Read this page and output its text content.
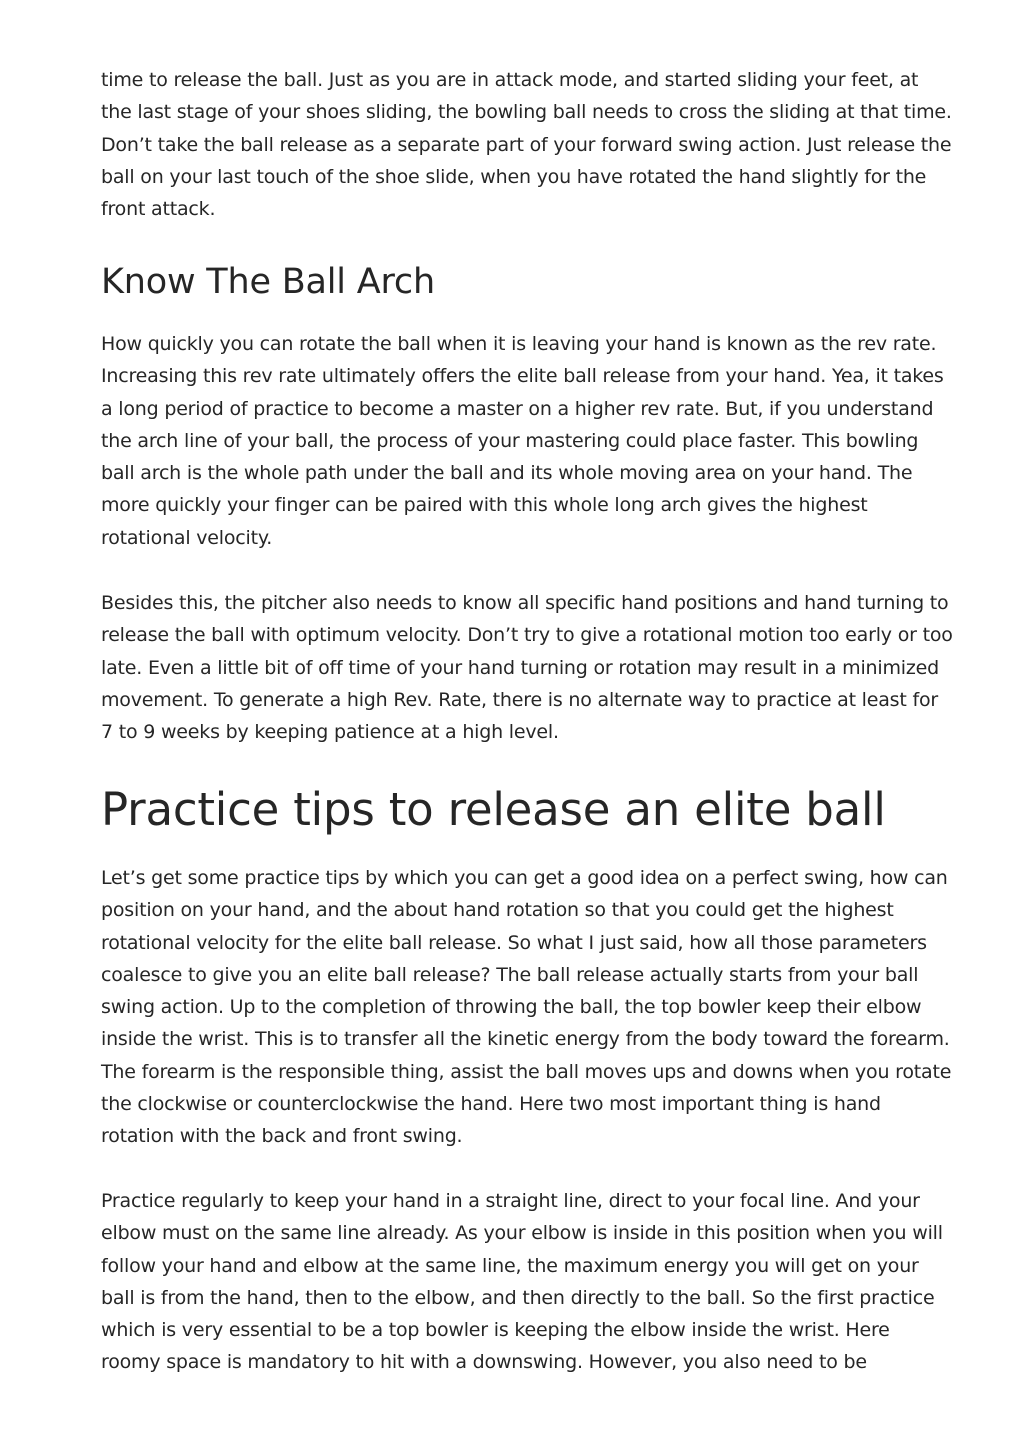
time to release the ball. Just as you are in attack mode, and started sliding your feet, at the last stage of your shoes sliding, the bowling ball needs to cross the sliding at that time. Don’t take the ball release as a separate part of your forward swing action. Just release the ball on your last touch of the shoe slide, when you have rotated the hand slightly for the front attack.

Know The Ball Arch

How quickly you can rotate the ball when it is leaving your hand is known as the rev rate. Increasing this rev rate ultimately offers the elite ball release from your hand. Yea, it takes a long period of practice to become a master on a higher rev rate. But, if you understand the arch line of your ball, the process of your mastering could place faster. This bowling ball arch is the whole path under the ball and its whole moving area on your hand. The more quickly your finger can be paired with this whole long arch gives the highest rotational velocity.

Besides this, the pitcher also needs to know all specific hand positions and hand turning to release the ball with optimum velocity. Don’t try to give a rotational motion too early or too late. Even a little bit of off time of your hand turning or rotation may result in a minimized movement. To generate a high Rev. Rate, there is no alternate way to practice at least for 7 to 9 weeks by keeping patience at a high level.

Practice tips to release an elite ball

Let’s get some practice tips by which you can get a good idea on a perfect swing, how can position on your hand, and the about hand rotation so that you could get the highest rotational velocity for the elite ball release. So what I just said, how all those parameters coalesce to give you an elite ball release? The ball release actually starts from your ball swing action. Up to the completion of throwing the ball, the top bowler keep their elbow inside the wrist. This is to transfer all the kinetic energy from the body toward the forearm. The forearm is the responsible thing, assist the ball moves ups and downs when you rotate the clockwise or counterclockwise the hand. Here two most important thing is hand rotation with the back and front swing.

Practice regularly to keep your hand in a straight line, direct to your focal line. And your elbow must on the same line already. As your elbow is inside in this position when you will follow your hand and elbow at the same line, the maximum energy you will get on your ball is from the hand, then to the elbow, and then directly to the ball. So the first practice which is very essential to be a top bowler is keeping the elbow inside the wrist. Here roomy space is mandatory to hit with a downswing. However, you also need to be
